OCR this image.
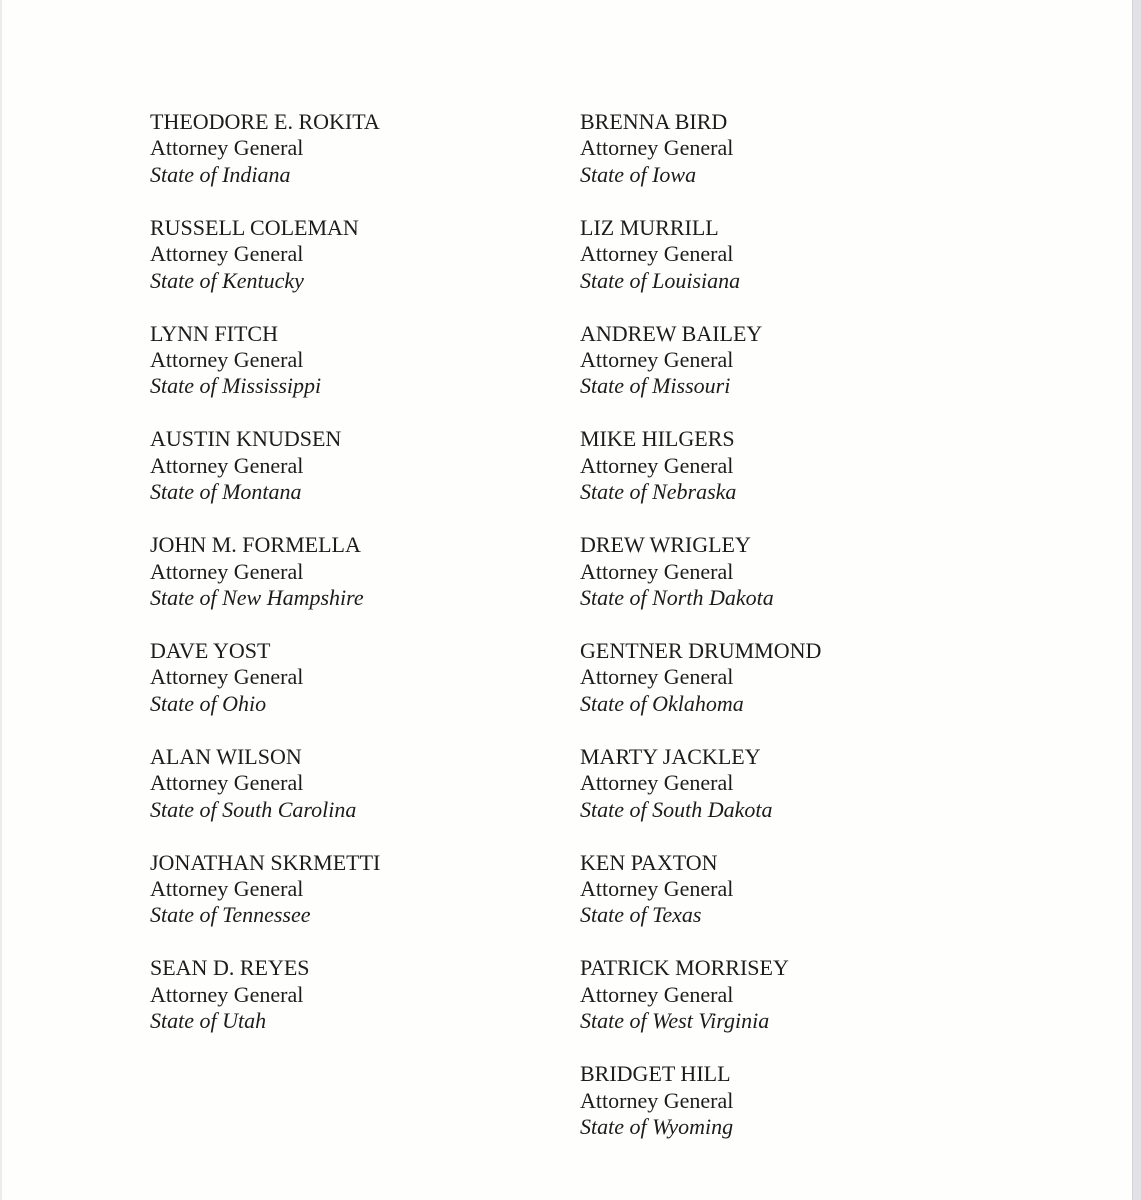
THEODORE E. ROKITA
Attorney General
State of Indiana
RUSSELL COLEMAN
Attorney General
State of Kentucky
LYNN FITCH
Attorney General
State of Mississippi
AUSTIN KNUDSEN
Attorney General
State of Montana
JOHN M. FORMELLA
Attorney General
State of New Hampshire
DAVE YOST
Attorney General
State of Ohio
ALAN WILSON
Attorney General
State of South Carolina
JONATHAN SKRMETTI
Attorney General
State of Tennessee
SEAN D. REYES
Attorney General
State of Utah
BRENNA BIRD
Attorney General
State of Iowa
LIZ MURRILL
Attorney General
State of Louisiana
ANDREW BAILEY
Attorney General
State of Missouri
MIKE HILGERS
Attorney General
State of Nebraska
DREW WRIGLEY
Attorney General
State of North Dakota
GENTNER DRUMMOND
Attorney General
State of Oklahoma
MARTY JACKLEY
Attorney General
State of South Dakota
KEN PAXTON
Attorney General
State of Texas
PATRICK MORRISEY
Attorney General
State of West Virginia
BRIDGET HILL
Attorney General
State of Wyoming
